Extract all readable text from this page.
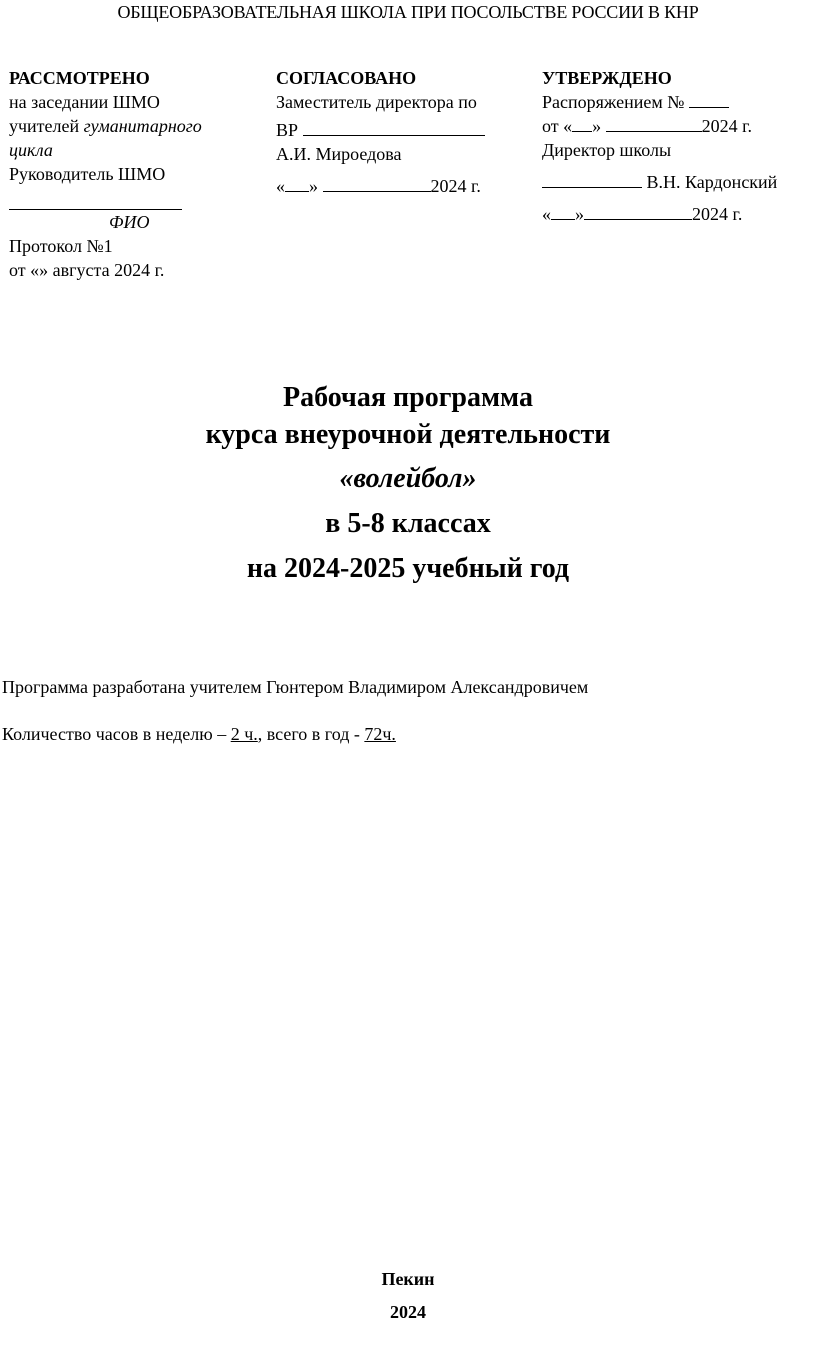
ОБЩЕОБРАЗОВАТЕЛЬНАЯ ШКОЛА ПРИ ПОСОЛЬСТВЕ РОССИИ В КНР
РАССМОТРЕНО
на заседании ШМО
учителей гуманитарного
цикла
Руководитель ШМО
ФИО
Протокол №1
от «» августа 2024 г.
СОГЛАСОВАНО
Заместитель директора по
ВР
А.И. Мироедова
« »	2024 г.
УТВЕРЖДЕНО
Распоряжением №
от « »	2024 г.
Директор школы
В.Н. Кардонский
« »	2024 г.
Рабочая программа
курса внеурочной деятельности
«волейбол»
в 5-8 классах
на 2024-2025 учебный год
Программа разработана учителем Гюнтером Владимиром Александровичем
Количество часов в неделю – 2 ч., всего в год - 72ч.
Пекин
2024
